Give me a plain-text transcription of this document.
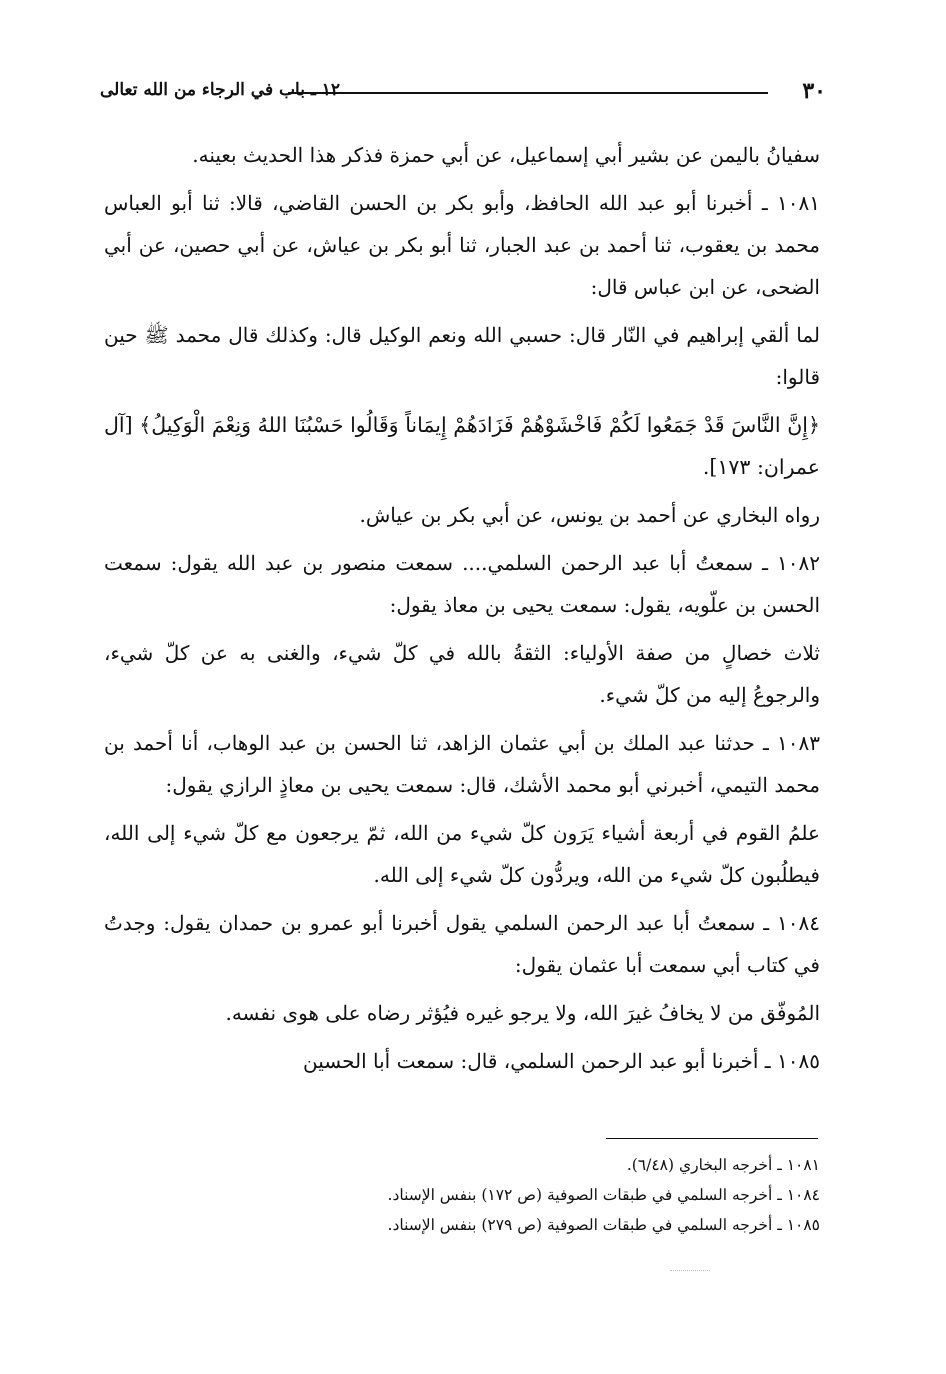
٣٠
١٢ ـ باب في الرجاء من الله تعالى

سفيانُ باليمن عن بشير أبي إسماعيل، عن أبي حمزة فذكر هذا الحديث بعينه.

١٠٨١ ـ أخبرنا أبو عبد الله الحافظ، وأبو بكر بن الحسن القاضي، قالا: ثنا أبو العباس محمد بن يعقوب، ثنا أحمد بن عبد الجبار، ثنا أبو بكر بن عياش، عن أبي حصين، عن أبي الضحى، عن ابن عباس قال:

لما ألقي إبراهيم في النّار قال: حسبي الله ونعم الوكيل قال: وكذلك قال محمد ﷺ حين قالوا:

﴿إِنَّ النَّاسَ قَدْ جَمَعُوا لَكُمْ فَاخْشَوْهُمْ فَزَادَهُمْ إِيمَاناً وَقَالُوا حَسْبُنَا اللهُ وَنِعْمَ الْوَكِيلُ﴾ [آل عمران: ١٧٣].

رواه البخاري عن أحمد بن يونس، عن أبي بكر بن عياش.

١٠٨٢ ـ سمعتُ أبا عبد الرحمن السلمي.... سمعت منصور بن عبد الله يقول: سمعت الحسن بن علّويه، يقول: سمعت يحيى بن معاذ يقول:

ثلاث خصالٍ من صفة الأولياء: الثقةُ بالله في كلّ شيء، والغنى به عن كلّ شيء، والرجوعُ إليه من كلّ شيء.

١٠٨٣ ـ حدثنا عبد الملك بن أبي عثمان الزاهد، ثنا الحسن بن عبد الوهاب، أنا أحمد بن محمد التيمي، أخبرني أبو محمد الأشك، قال: سمعت يحيى بن معاذٍ الرازي يقول:

علمُ القوم في أربعة أشياء يَرَون كلّ شيء من الله، ثمّ يرجعون مع كلّ شيء إلى الله، فيطلُبون كلّ شيء من الله، ويردُّون كلّ شيء إلى الله.

١٠٨٤ ـ سمعتُ أبا عبد الرحمن السلمي يقول أخبرنا أبو عمرو بن حمدان يقول: وجدتُ في كتاب أبي سمعت أبا عثمان يقول:

المُوفّق من لا يخافُ غيرَ الله، ولا يرجو غيره فيُؤثر رضاه على هوى نفسه.

١٠٨٥ ـ أخبرنا أبو عبد الرحمن السلمي، قال: سمعت أبا الحسين

١٠٨١ ـ أخرجه البخاري (٦/٤٨).

١٠٨٤ ـ أخرجه السلمي في طبقات الصوفية (ص ١٧٢) بنفس الإسناد.

١٠٨٥ ـ أخرجه السلمي في طبقات الصوفية (ص ٢٧٩) بنفس الإسناد.
